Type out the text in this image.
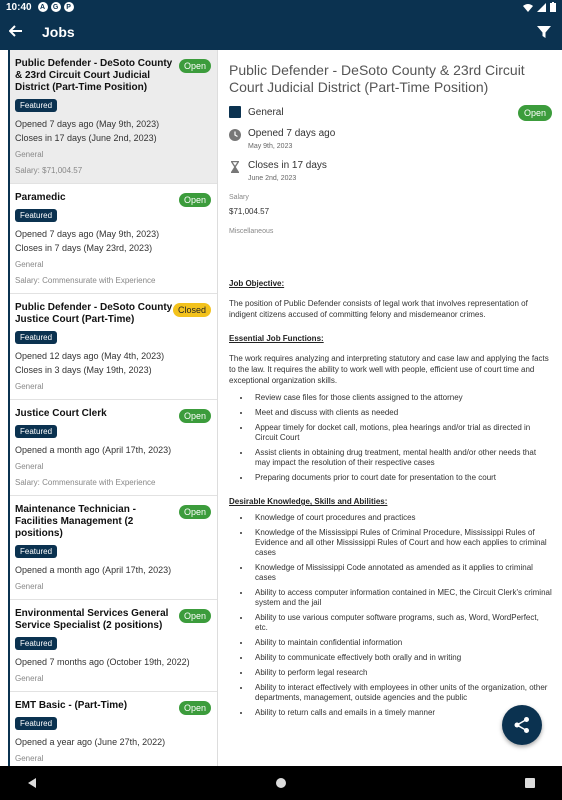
10:40	A	G	P
Jobs
Public Defender - DeSoto County & 23rd Circuit Court Judicial District (Part-Time Position)
Open
Featured
Opened 7 days ago (May 9th, 2023)
Closes in 17 days (June 2nd, 2023)
General
Salary: $71,004.57
Paramedic	Open
Featured
Opened 7 days ago (May 9th, 2023)
Closes in 7 days (May 23rd, 2023)
General
Salary: Commensurate with Experience
Public Defender - DeSoto County Justice Court (Part-Time)
Closed
Featured
Opened 12 days ago (May 4th, 2023)
Closes in 3 days (May 19th, 2023)
General
Justice Court Clerk	Open
Featured
Opened a month ago (April 17th, 2023)
General
Salary: Commensurate with Experience
Maintenance Technician - Facilities Management (2 positions)
Open
Featured
Opened a month ago (April 17th, 2023)
General
Environmental Services General Service Specialist (2 positions)
Open
Featured
Opened 7 months ago (October 19th, 2022)
General
EMT Basic - (Part-Time)	Open
Featured
Opened a year ago (June 27th, 2022)
General
Public Defender - DeSoto County & 23rd Circuit Court Judicial District (Part-Time Position)
General	Open
Opened 7 days ago
May 9th, 2023
Closes in 17 days
June 2nd, 2023
Salary
$71,004.57
Miscellaneous
Job Objective:
The position of Public Defender consists of legal work that involves representation of indigent citizens accused of committing felony and misdemeanor crimes.
Essential Job Functions:
The work requires analyzing and interpreting statutory and case law and applying the facts to the law. It requires the ability to work well with people, efficient use of court time and exceptional organization skills.
• Review case files for those clients assigned to the attorney
• Meet and discuss with clients as needed
• Appear timely for docket call, motions, plea hearings and/or trial as directed in Circuit Court
• Assist clients in obtaining drug treatment, mental health and/or other needs that may impact the resolution of their respective cases
• Preparing documents prior to court date for presentation to the court
Desirable Knowledge, Skills and Abilities:
• Knowledge of court procedures and practices
• Knowledge of the Mississippi Rules of Criminal Procedure, Mississippi Rules of Evidence and all other Mississippi Rules of Court and how each applies to criminal cases
• Knowledge of Mississippi Code annotated as amended as it applies to criminal cases
• Ability to access computer information contained in MEC, the Circuit Clerk's criminal system and the jail
• Ability to use various computer software programs, such as, Word, WordPerfect, etc.
• Ability to maintain confidential information
• Ability to communicate effectively both orally and in writing
• Ability to perform legal research
• Ability to interact effectively with employees in other units of the organization, other departments, management, outside agencies and the public
• Ability to return calls and emails in a timely manner
